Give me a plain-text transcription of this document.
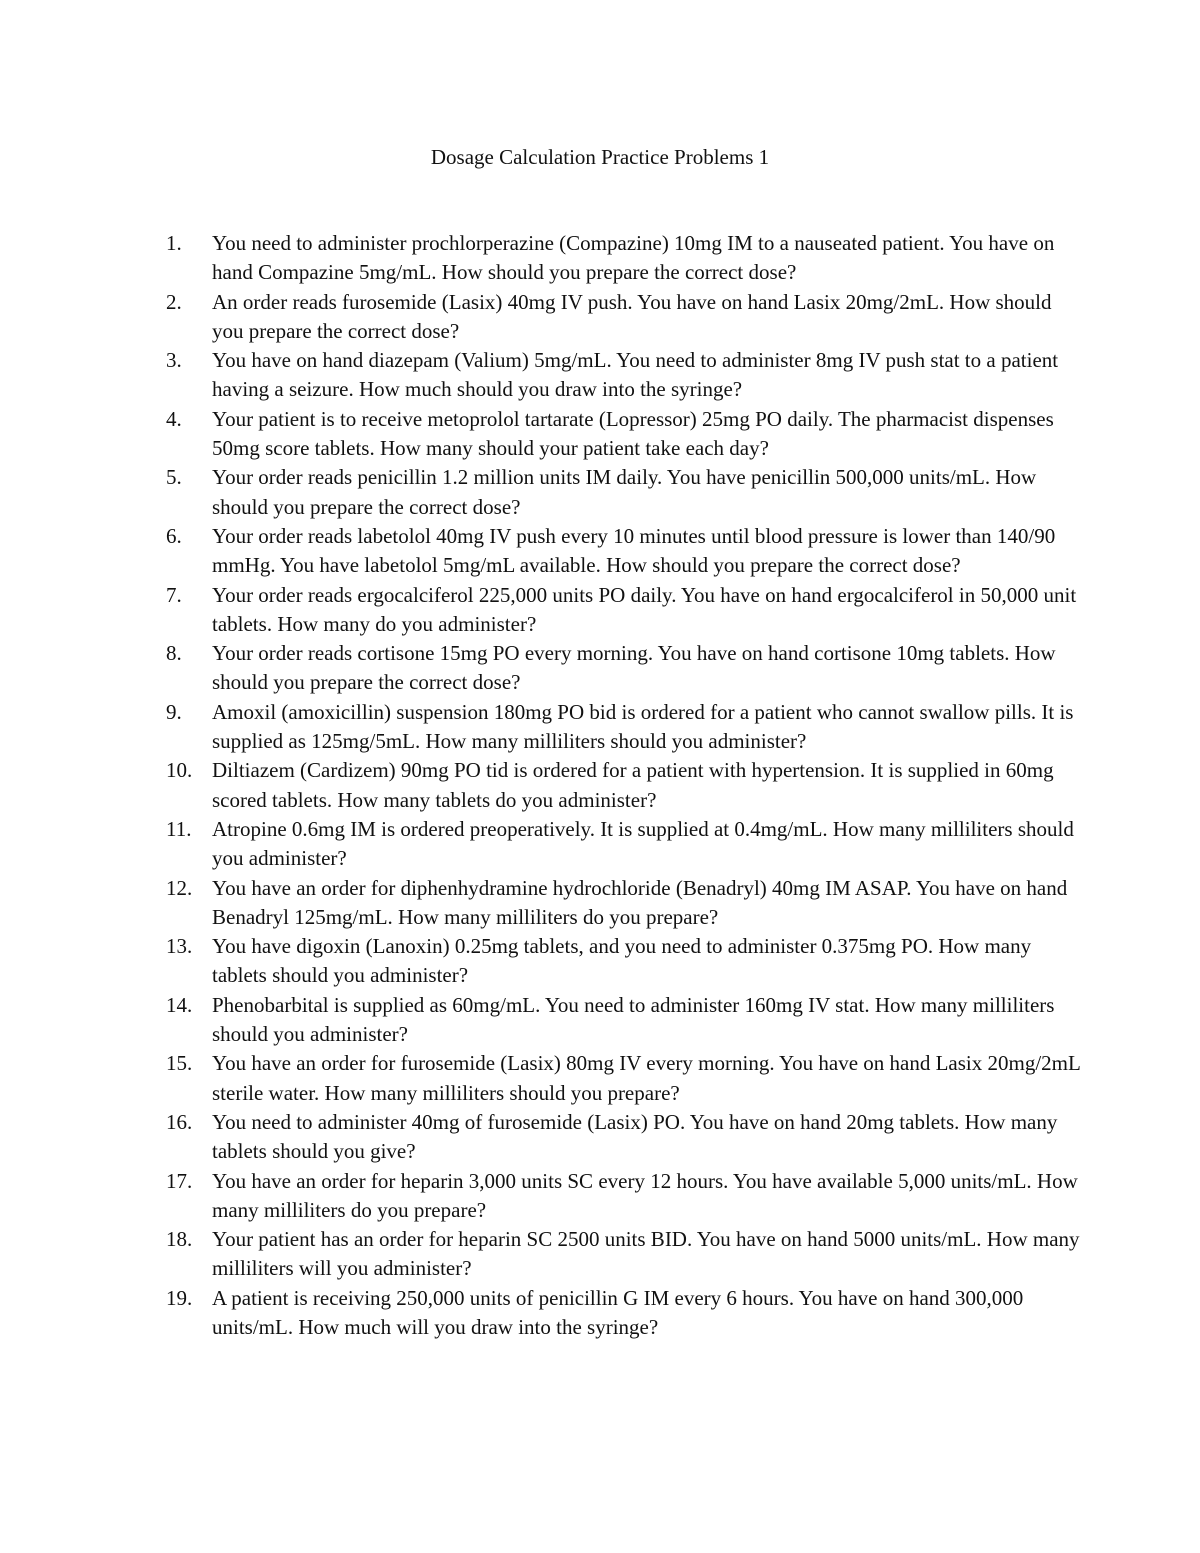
Dosage Calculation Practice Problems 1
1.	You need to administer prochlorperazine (Compazine) 10mg IM to a nauseated patient. You have on hand Compazine 5mg/mL. How should you prepare the correct dose?
2.	An order reads furosemide (Lasix) 40mg IV push. You have on hand Lasix 20mg/2mL. How should you prepare the correct dose?
3.	You have on hand diazepam (Valium) 5mg/mL. You need to administer 8mg IV push stat to a patient having a seizure. How much should you draw into the syringe?
4.	Your patient is to receive metoprolol tartarate (Lopressor) 25mg PO daily. The pharmacist dispenses 50mg score tablets. How many should your patient take each day?
5.	Your order reads penicillin 1.2 million units IM daily. You have penicillin 500,000 units/mL. How should you prepare the correct dose?
6.	Your order reads labetolol 40mg IV push every 10 minutes until blood pressure is lower than 140/90 mmHg. You have labetolol 5mg/mL available. How should you prepare the correct dose?
7.	Your order reads ergocalciferol 225,000 units PO daily. You have on hand ergocalciferol in 50,000 unit tablets. How many do you administer?
8.	Your order reads cortisone 15mg PO every morning. You have on hand cortisone 10mg tablets. How should you prepare the correct dose?
9.	Amoxil (amoxicillin) suspension 180mg PO bid is ordered for a patient who cannot swallow pills. It is supplied as 125mg/5mL. How many milliliters should you administer?
10. Diltiazem (Cardizem) 90mg PO tid is ordered for a patient with hypertension. It is supplied in 60mg scored tablets. How many tablets do you administer?
11. Atropine 0.6mg IM is ordered preoperatively. It is supplied at 0.4mg/mL. How many milliliters should you administer?
12. You have an order for diphenhydramine hydrochloride (Benadryl) 40mg IM ASAP. You have on hand Benadryl 125mg/mL. How many milliliters do you prepare?
13. You have digoxin (Lanoxin) 0.25mg tablets, and you need to administer 0.375mg PO. How many tablets should you administer?
14. Phenobarbital is supplied as 60mg/mL. You need to administer 160mg IV stat. How many milliliters should you administer?
15. You have an order for furosemide (Lasix) 80mg IV every morning. You have on hand Lasix 20mg/2mL sterile water. How many milliliters should you prepare?
16. You need to administer 40mg of furosemide (Lasix) PO. You have on hand 20mg tablets. How many tablets should you give?
17. You have an order for heparin 3,000 units SC every 12 hours. You have available 5,000 units/mL. How many milliliters do you prepare?
18. Your patient has an order for heparin SC 2500 units BID. You have on hand 5000 units/mL. How many milliliters will you administer?
19. A patient is receiving 250,000 units of penicillin G IM every 6 hours. You have on hand 300,000 units/mL. How much will you draw into the syringe?
